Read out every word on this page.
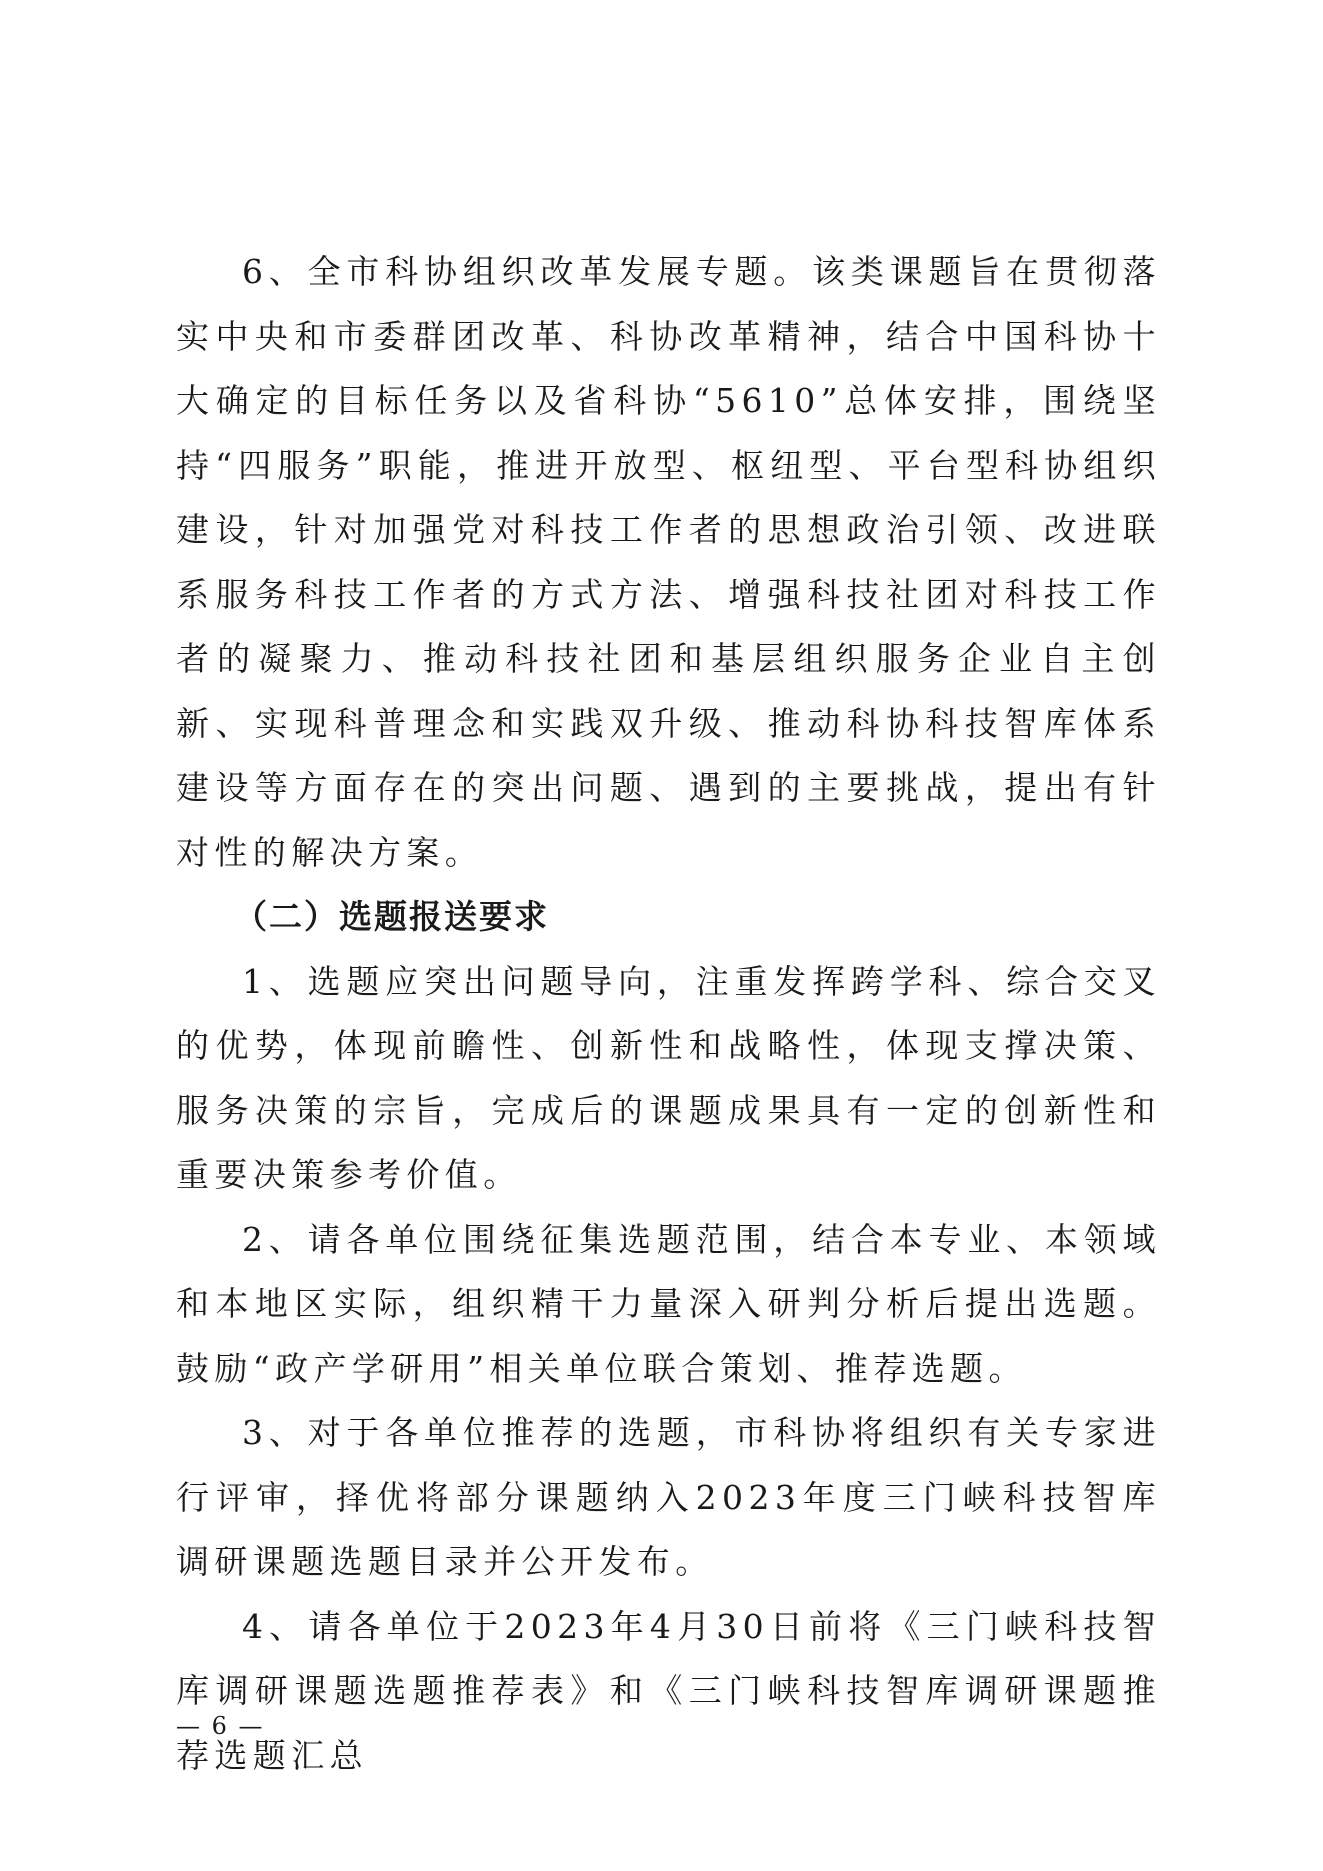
6、全市科协组织改革发展专题。该类课题旨在贯彻落实中央和市委群团改革、科协改革精神，结合中国科协十大确定的目标任务以及省科协“5610”总体安排，围绕坚持“四服务”职能，推进开放型、枢纽型、平台型科协组织建设，针对加强党对科技工作者的思想政治引领、改进联系服务科技工作者的方式方法、增强科技社团对科技工作者的凝聚力、推动科技社团和基层组织服务企业自主创新、实现科普理念和实践双升级、推动科协科技智库体系建设等方面存在的突出问题、遇到的主要挑战，提出有针对性的解决方案。

（二）选题报送要求

1、选题应突出问题导向，注重发挥跨学科、综合交叉的优势，体现前瞻性、创新性和战略性，体现支撑决策、服务决策的宗旨，完成后的课题成果具有一定的创新性和重要决策参考价值。

2、请各单位围绕征集选题范围，结合本专业、本领域和本地区实际，组织精干力量深入研判分析后提出选题。鼓励“政产学研用”相关单位联合策划、推荐选题。

3、对于各单位推荐的选题，市科协将组织有关专家进行评审，择优将部分课题纳入2023年度三门峡科技智库调研课题选题目录并公开发布。

4、请各单位于2023年4月30日前将《三门峡科技智库调研课题选题推荐表》和《三门峡科技智库调研课题推荐选题汇总

— 6 —
